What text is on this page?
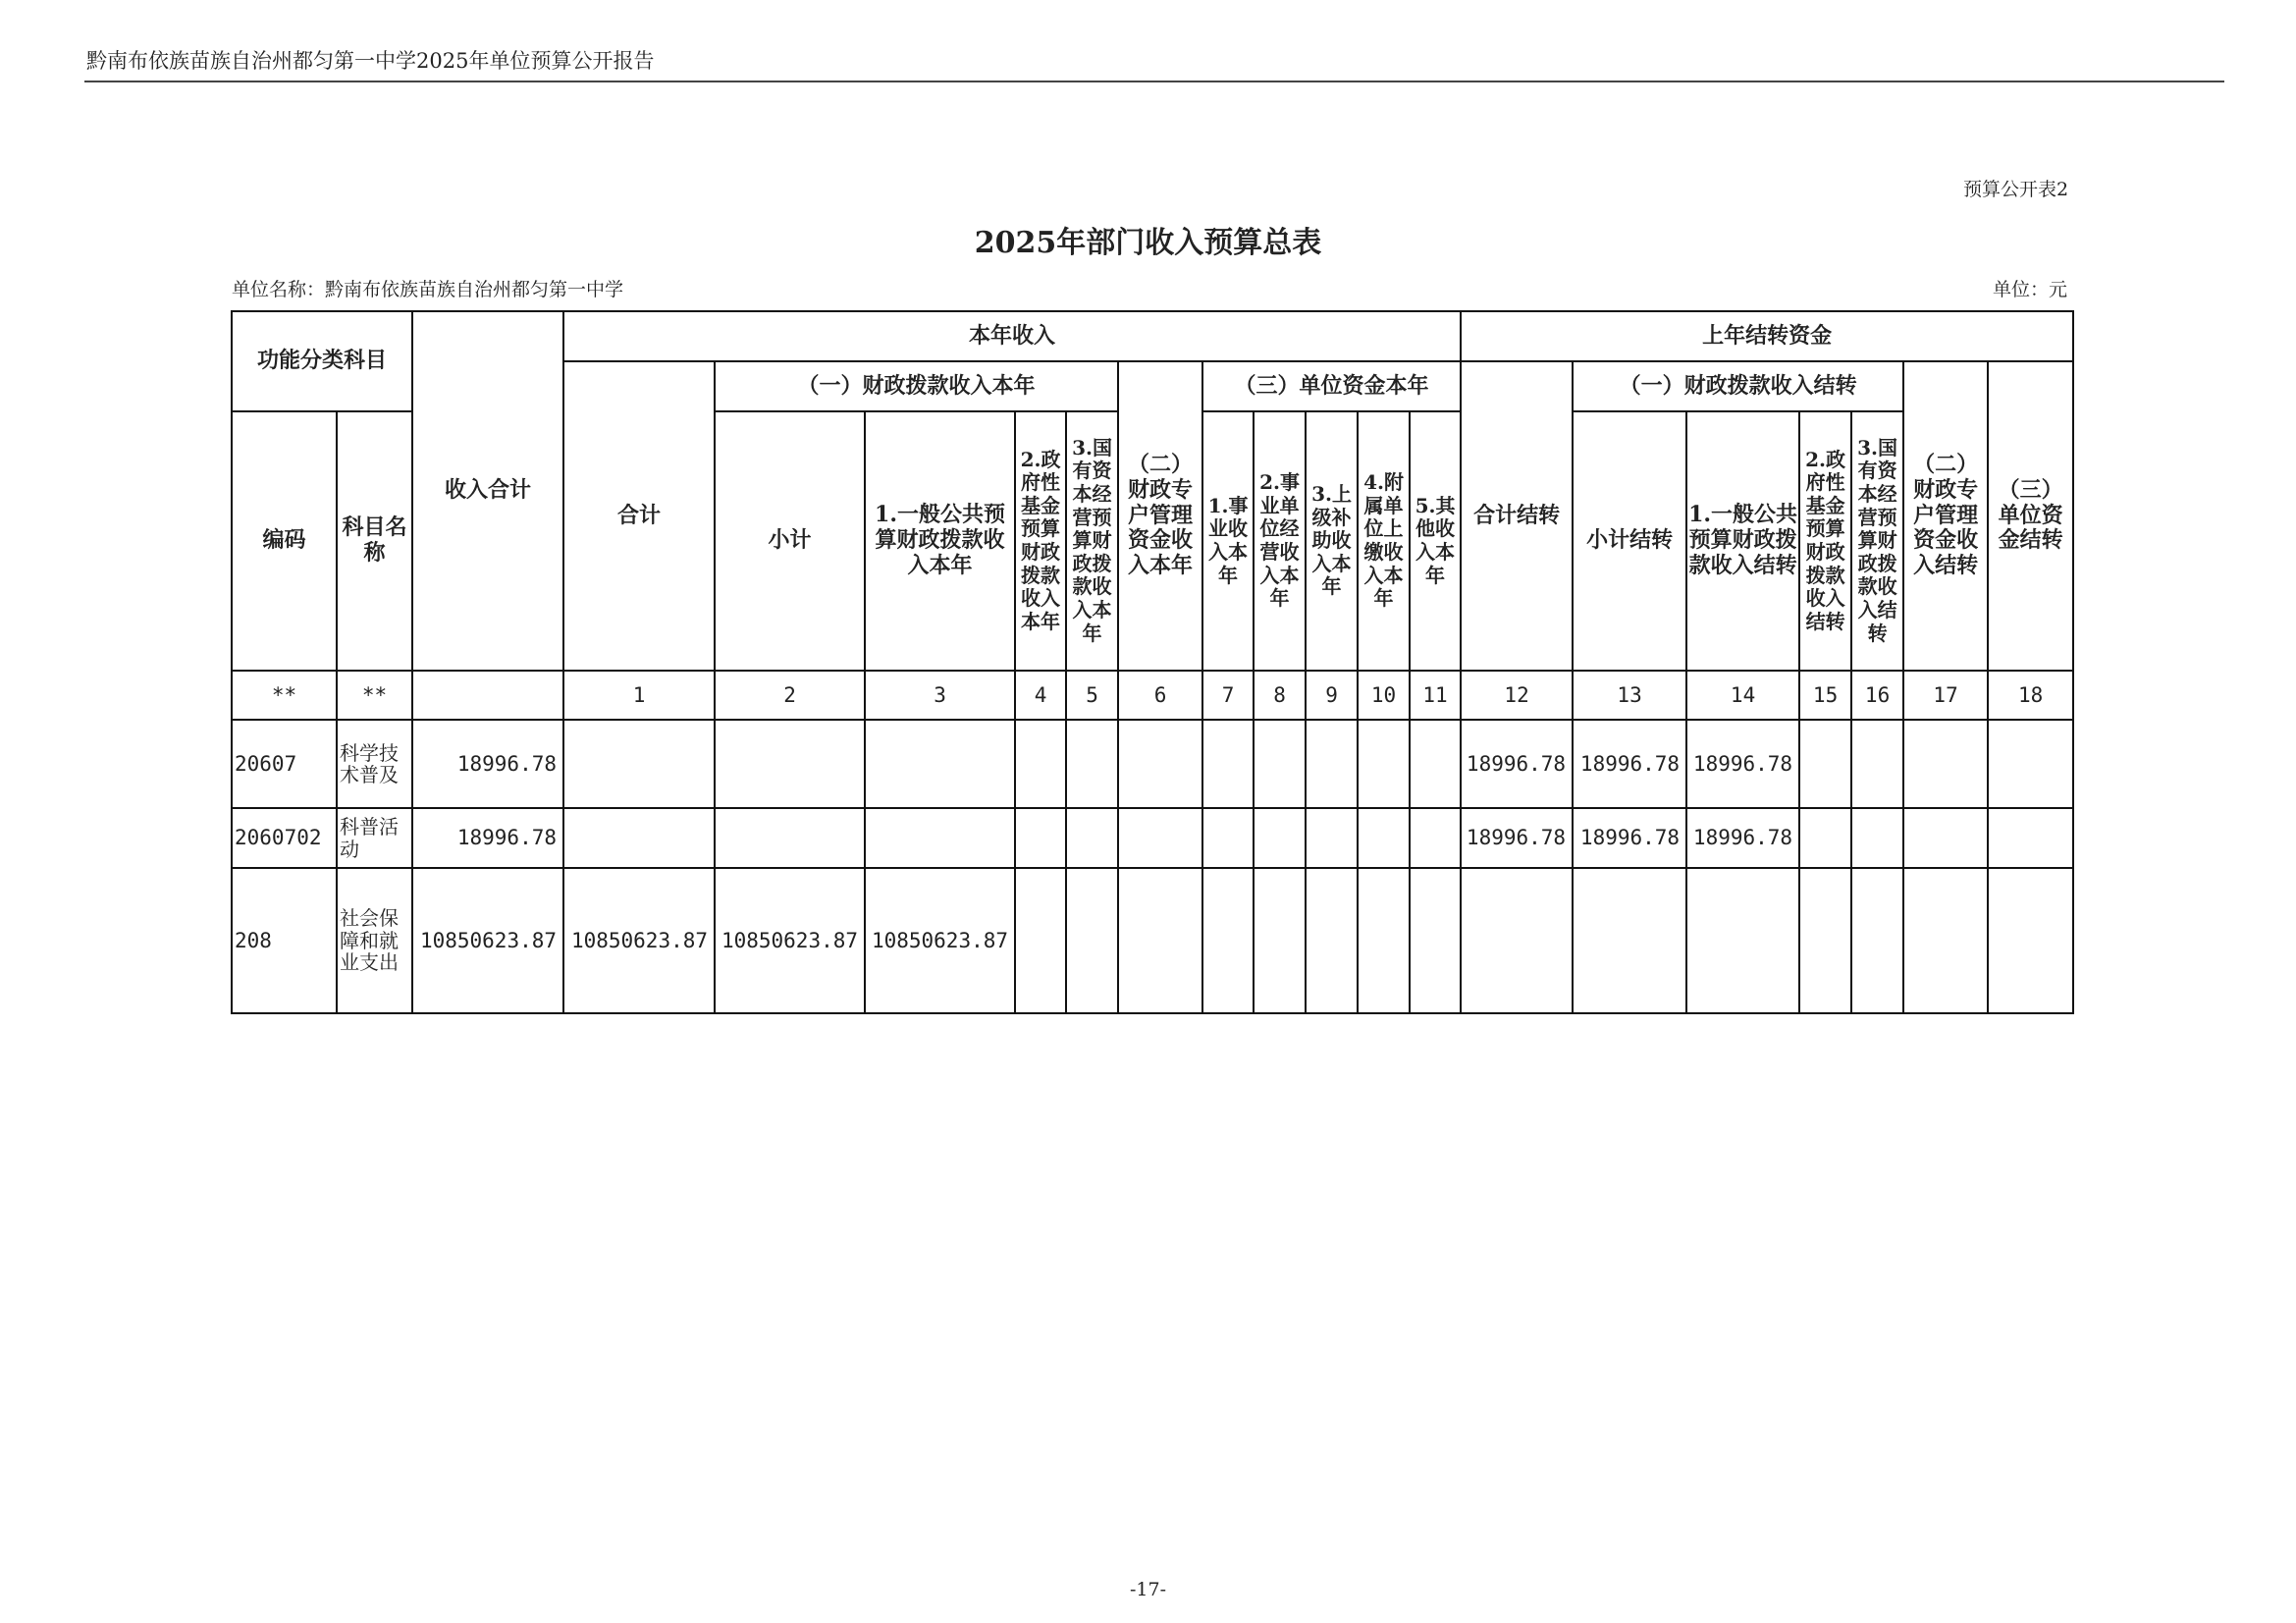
黔南布依族苗族自治州都匀第一中学2025年单位预算公开报告
预算公开表2
2025年部门收入预算总表
单位名称：黔南布依族苗族自治州都匀第一中学	单位：元
功能分类科目		收入合计	本年收入											上年结转资金						
			合计	（一）财政拨款收入本年				（二）财政专户管理资金收入本年	（三）单位资金本年					合计结转	（一）财政拨款收入结转				（二）财政专户管理资金收入结转	（三）单位资金结转
编码	科目名称			小计	1.一般公共预算财政拨款收入本年	2.政府性基金预算财政拨款收入本年	3.国有资本经营预算财政拨款收入本年		1.事业收入本年	2.事业单位经营收入本年	3.上级补助收入本年	4.附属单位上缴收入本年	5.其他收入本年		小计结转	1.一般公共预算财政拨款收入结转	2.政府性基金预算财政拨款收入结转	3.国有资本经营预算财政拨款收入结转		
**	**		1	2	3	4	5	6	7	8	9	10	11	12	13	14	15	16	17	18
20607	科学技术普及	18996.78												18996.78	18996.78	18996.78				
2060702	科普活动	18996.78												18996.78	18996.78	18996.78				
208	社会保障和就业支出	10850623.87	10850623.87	10850623.87	10850623.87															
-17-
